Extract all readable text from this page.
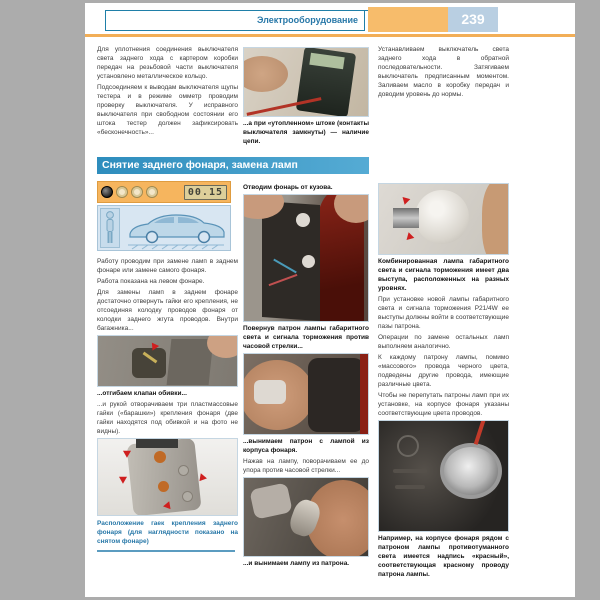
Электрооборудование	239

Для уплотнения соединения выключателя света заднего хода с картером коробки передач на резьбовой части выключателя установлено металлическое кольцо.

Подсоединяем к выводам выключателя щупы тестера и в режиме омметр проводим проверку выключателя. У исправного выключателя при свободном состоянии его штока тестер должен зафиксировать «бесконечность»...

...а при «утопленном» штоке (контакты выключателя замкнуты) — наличие цепи.

Устанавливаем выключатель света заднего хода в обратной последовательности. Затягиваем выключатель предписанным моментом. Заливаем масло в коробку передач и доводим уровень до нормы.

Снятие заднего фонаря, замена ламп
00.15

Работу проводим при замене ламп в заднем фонаре или замене самого фонаря.

Работа показана на левом фонаре.

Для замены ламп в заднем фонаре достаточно отвернуть гайки его крепления, не отсоединяя колодку проводов фонаря от колодки заднего жгута проводов. Внутри багажника...

...отгибаем клапан обивки...

...и рукой отворачиваем три пластмассовые гайки («барашки») крепления фонаря (две гайки находятся под обивкой и на фото не видны).

Расположение гаек крепления заднего фонаря (для наглядности показано на снятом фонаре)

Отводим фонарь от кузова.

Повернув патрон лампы габаритного света и сигнала торможения против часовой стрелки...

...вынимаем патрон с лампой из корпуса фонаря.

Нажав на лампу, поворачиваем ее до упора против часовой стрелки...

...и вынимаем лампу из патрона.

Комбинированная лампа габаритного света и сигнала торможения имеет два выступа, расположенных на разных уровнях.

При установке новой лампы габаритного света и сигнала торможения P21/4W ее выступы должны войти в соответствующие пазы патрона.

Операции по замене остальных ламп выполняем аналогично.

К каждому патрону лампы, помимо «массового» провода черного цвета, подведены другие провода, имеющие различные цвета.

Чтобы не перепутать патроны ламп при их установке, на корпусе фонаря указаны соответствующие цвета проводов.

Например, на корпусе фонаря рядом с патроном лампы противотуманного света имеется надпись «красный», соответствующая красному проводу патрона лампы.
